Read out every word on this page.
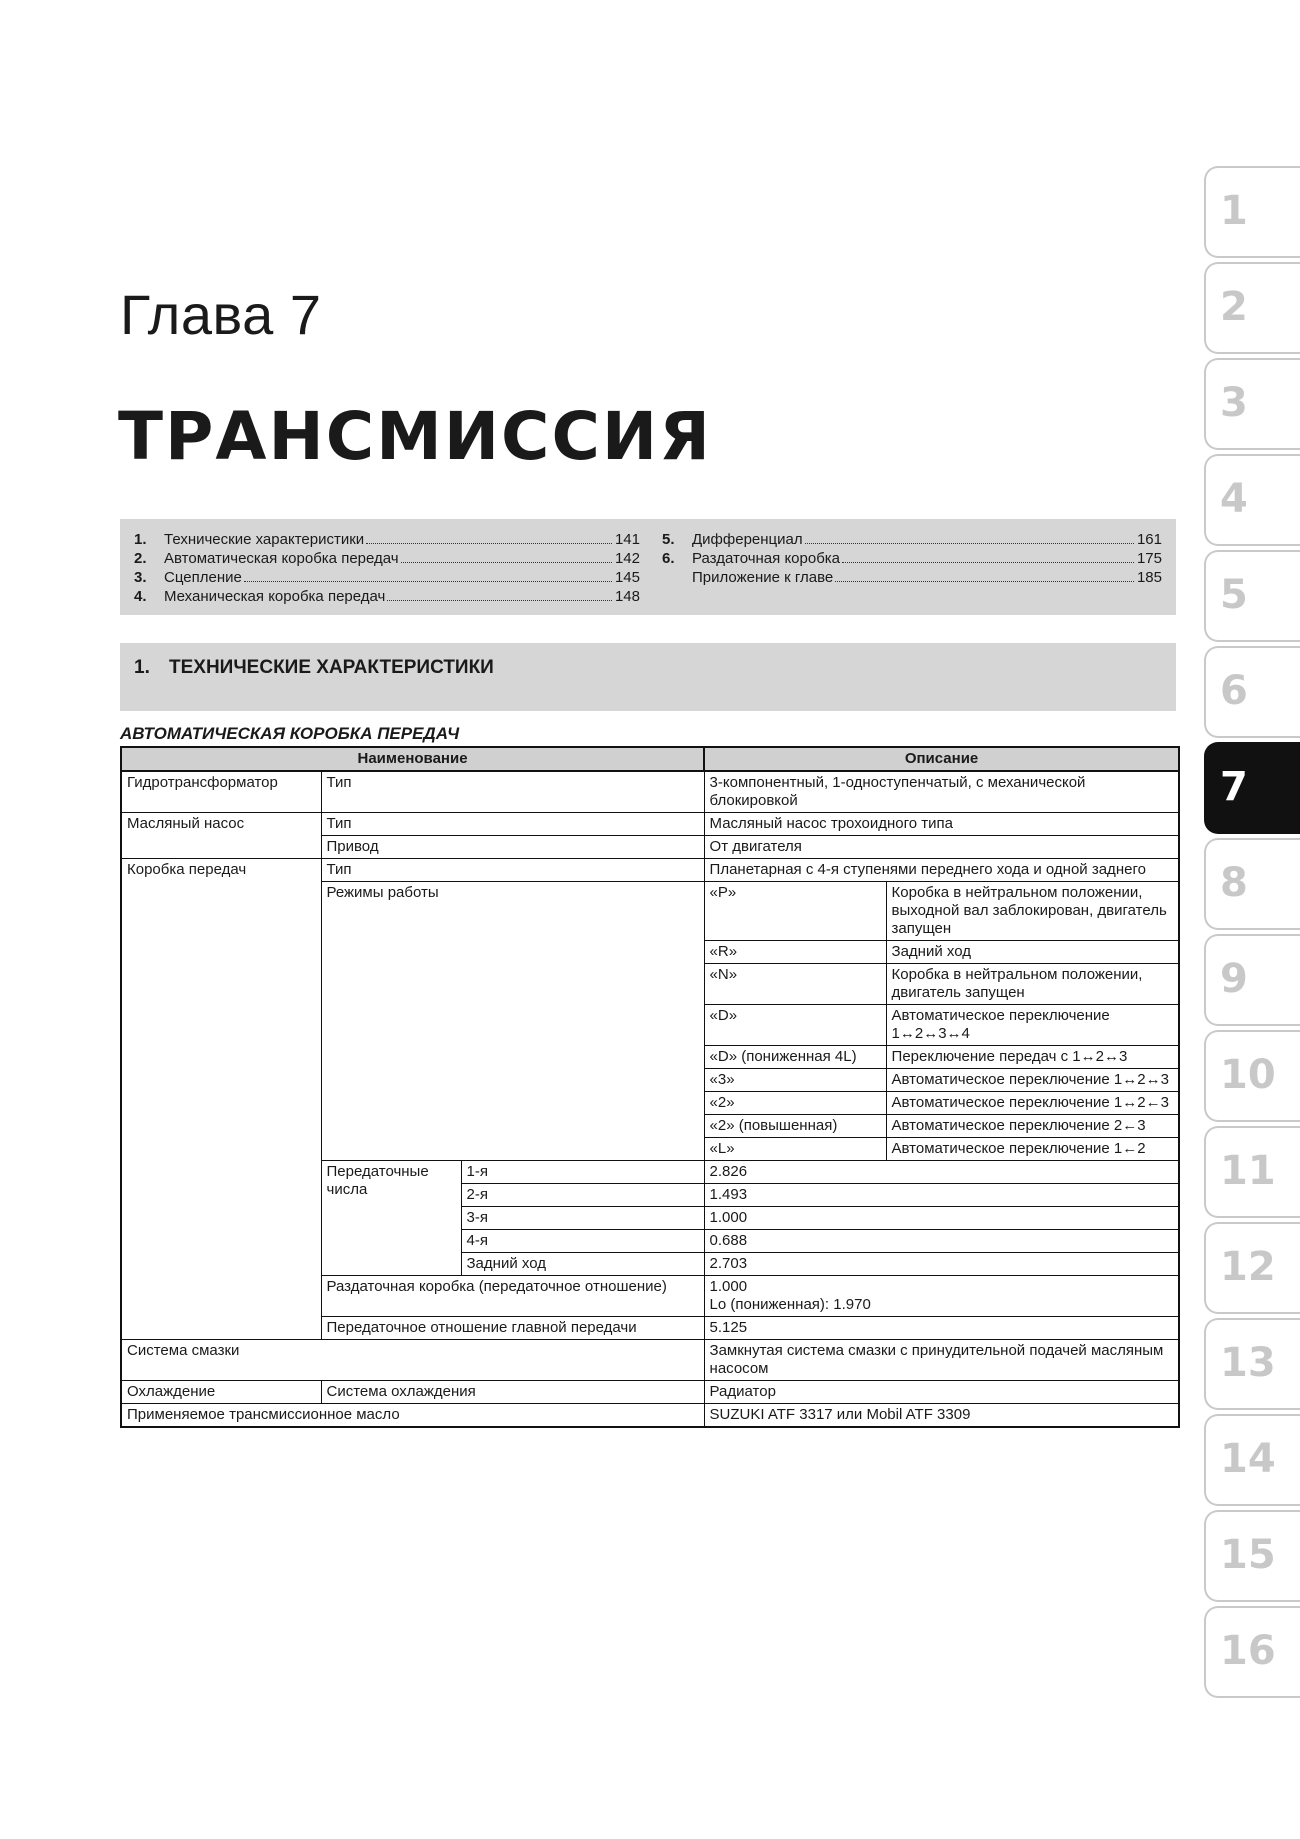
Глава 7
ТРАНСМИССИЯ
1.	Технические характеристики	141
2.	Автоматическая коробка передач	142
3.	Сцепление	145
4.	Механическая коробка передач	148
5.	Дифференциал	161
6.	Раздаточная коробка	175
Приложение к главе	185
1. ТЕХНИЧЕСКИЕ ХАРАКТЕРИСТИКИ
АВТОМАТИЧЕСКАЯ КОРОБКА ПЕРЕДАЧ
Наименование			Описание	
Гидротрансформатор	Тип		3-компонентный, 1-одноступенчатый, с механической блокировкой	
Масляный насос	Тип		Масляный насос трохоидного типа	
	Привод		От двигателя	
Коробка передач	Тип		Планетарная с 4-я ступенями переднего хода и одной заднего	
	Режимы работы		«P»	Коробка в нейтральном положении, выходной вал заблокирован, двигатель запущен
			«R»	Задний ход
			«N»	Коробка в нейтральном положении, двигатель запущен
			«D»	Автоматическое переключение 1↔2↔3↔4
			«D» (пониженная 4L)	Переключение передач с 1↔2↔3
			«3»	Автоматическое переключение 1↔2↔3
			«2»	Автоматическое переключение 1↔2←3
			«2» (повышенная)	Автоматическое переключение 2←3
			«L»	Автоматическое переключение 1←2
	Передаточные числа	1-я	2.826	
		2-я	1.493	
		3-я	1.000	
		4-я	0.688	
		Задний ход	2.703	
	Раздаточная коробка (передаточное отношение)		1.000
Lo (пониженная): 1.970	

	Передаточное отношение главной передачи		5.125	
Система смазки			Замкнутая система смазки с принудительной подачей масляным насосом	
Охлаждение	Система охлаждения		Радиатор	
Применяемое трансмиссионное масло			SUZUKI ATF 3317 или Mobil ATF 3309	
1
2
3
4
5
6
7
8
9
10
11
12
13
14
15
16
